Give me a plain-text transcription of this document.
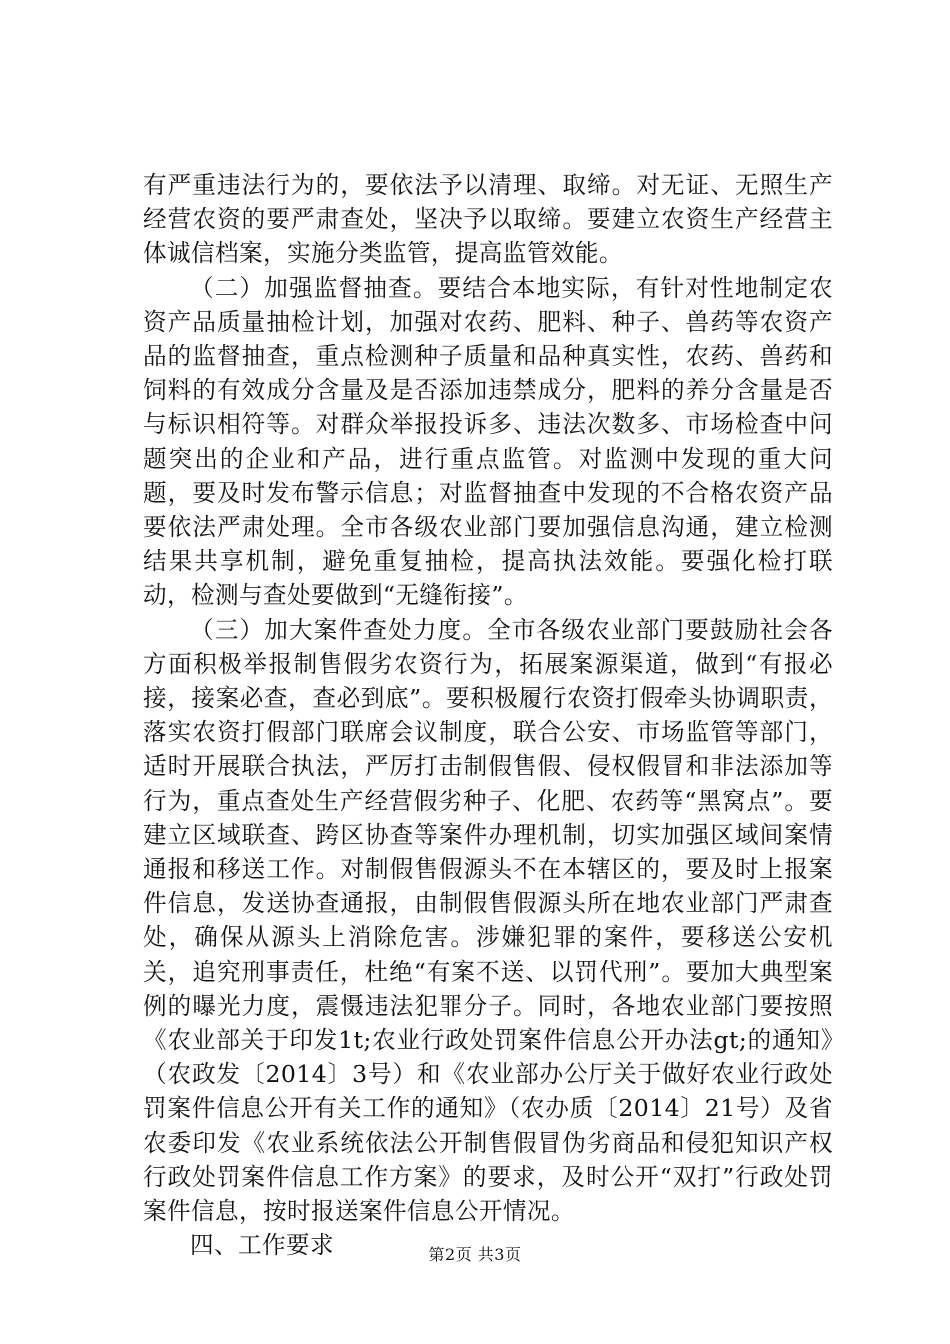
有严重违法行为的，要依法予以清理、取缔。对无证、无照生产经营农资的要严肃查处，坚决予以取缔。要建立农资生产经营主体诚信档案，实施分类监管，提高监管效能。

（二）加强监督抽查。要结合本地实际，有针对性地制定农资产品质量抽检计划，加强对农药、肥料、种子、兽药等农资产品的监督抽查，重点检测种子质量和品种真实性，农药、兽药和饲料的有效成分含量及是否添加违禁成分，肥料的养分含量是否与标识相符等。对群众举报投诉多、违法次数多、市场检查中问题突出的企业和产品，进行重点监管。对监测中发现的重大问题，要及时发布警示信息；对监督抽查中发现的不合格农资产品要依法严肃处理。全市各级农业部门要加强信息沟通，建立检测结果共享机制，避免重复抽检，提高执法效能。要强化检打联动，检测与查处要做到“无缝衔接”。

（三）加大案件查处力度。全市各级农业部门要鼓励社会各方面积极举报制售假劣农资行为，拓展案源渠道，做到“有报必接，接案必查，查必到底”。要积极履行农资打假牵头协调职责，落实农资打假部门联席会议制度，联合公安、市场监管等部门，适时开展联合执法，严厉打击制假售假、侵权假冒和非法添加等行为，重点查处生产经营假劣种子、化肥、农药等“黑窝点”。要建立区域联查、跨区协查等案件办理机制，切实加强区域间案情通报和移送工作。对制假售假源头不在本辖区的，要及时上报案件信息，发送协查通报，由制假售假源头所在地农业部门严肃查处，确保从源头上消除危害。涉嫌犯罪的案件，要移送公安机关，追究刑事责任，杜绝“有案不送、以罚代刑”。要加大典型案例的曝光力度，震慑违法犯罪分子。同时，各地农业部门要按照《农业部关于印发1t;农业行政处罚案件信息公开办法gt;的通知》（农政发〔2014〕3号）和《农业部办公厅关于做好农业行政处罚案件信息公开有关工作的通知》（农办质〔2014〕21号）及省农委印发《农业系统依法公开制售假冒伪劣商品和侵犯知识产权行政处罚案件信息工作方案》的要求，及时公开“双打”行政处罚案件信息，按时报送案件信息公开情况。

四、工作要求	第2页 共3页
